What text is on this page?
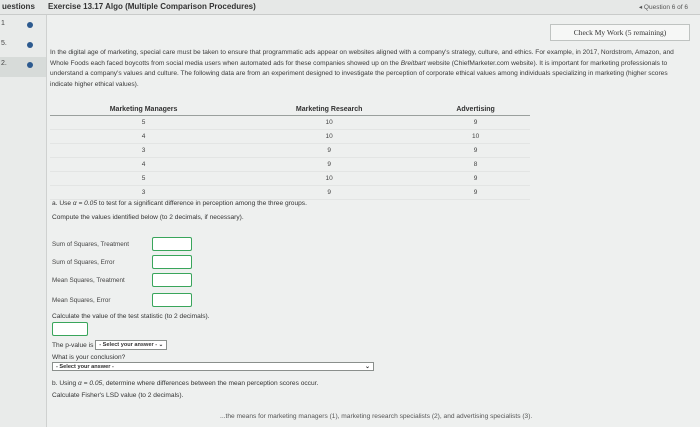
uestions Exercise 13.17 Algo (Multiple Comparison Procedures)	◂ Question 6 of 6
1
5.
2.
Check My Work (5 remaining)
In the digital age of marketing, special care must be taken to ensure that programmatic ads appear on websites aligned with a company's strategy, culture, and ethics. For example, in 2017, Nordstrom, Amazon, and Whole Foods each faced boycotts from social media users when automated ads for these companies showed up on the Breitbart website (ChiefMarketer.com website). It is important for marketing professionals to understand a company's values and culture. The following data are from an experiment designed to investigate the perception of corporate ethical values among individuals specializing in marketing (higher scores indicate higher ethical values).
Marketing Managers	Marketing Research	Advertising
5	10	9
4	10	10
3	9	9
4	9	8
5	10	9
3	9	9
a. Use α = 0.05 to test for a significant difference in perception among the three groups.
Compute the values identified below (to 2 decimals, if necessary).
Sum of Squares, Treatment
Sum of Squares, Error
Mean Squares, Treatment
Mean Squares, Error
Calculate the value of the test statistic (to 2 decimals).
The p-value is - Select your answer - ⌄
What is your conclusion?
- Select your answer -	⌄
b. Using α = 0.05, determine where differences between the mean perception scores occur.
Calculate Fisher's LSD value (to 2 decimals).
...the means for marketing managers (1), marketing research specialists (2), and advertising specialists (3).
